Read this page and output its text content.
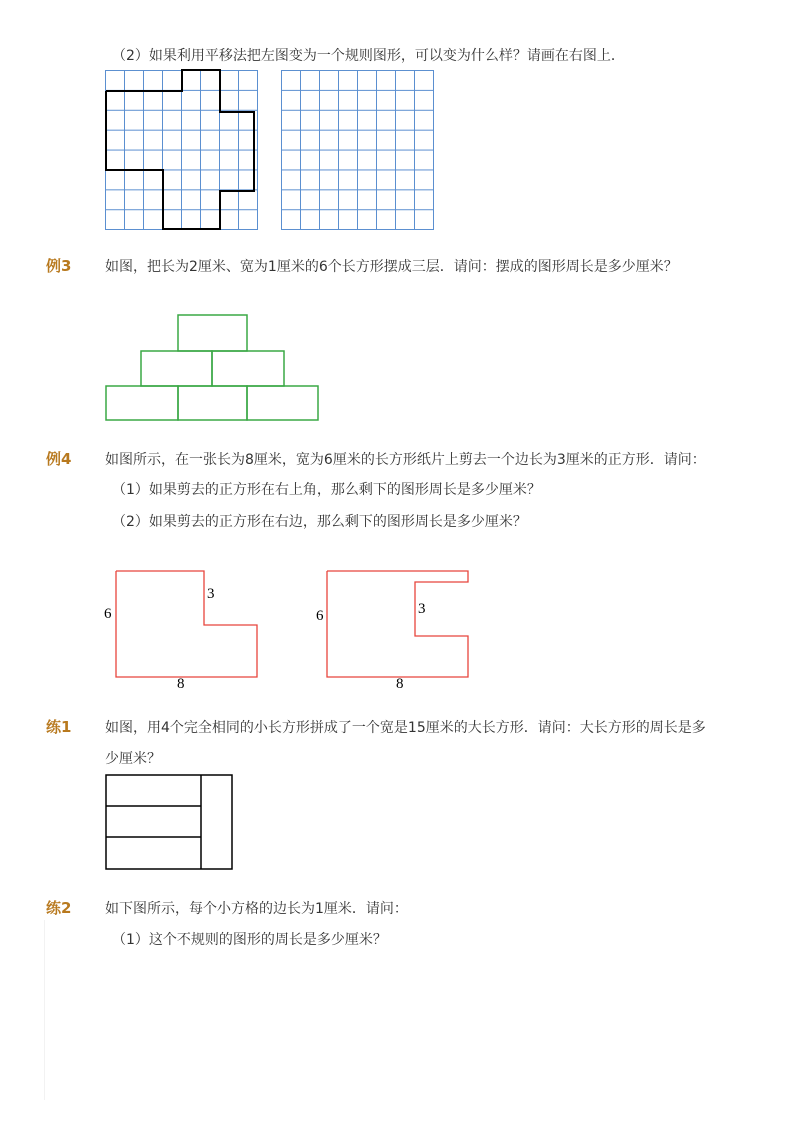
（2）如果利用平移法把左图变为一个规则图形，可以变为什么样？请画在右图上．
例3 如图，把长为2厘米、宽为1厘米的6个长方形摆成三层．请问：摆成的图形周长是多少厘米？
例4 如图所示，在一张长为8厘米，宽为6厘米的长方形纸片上剪去一个边长为3厘米的正方形．请问：
（1）如果剪去的正方形在右上角，那么剩下的图形周长是多少厘米？
（2）如果剪去的正方形在右边，那么剩下的图形周长是多少厘米？
6
3
8
6	3
8
练1 如图，用4个完全相同的小长方形拼成了一个宽是15厘米的大长方形．请问：大长方形的周长是多
少厘米？
练2 如下图所示，每个小方格的边长为1厘米．请问：
（1）这个不规则的图形的周长是多少厘米？
